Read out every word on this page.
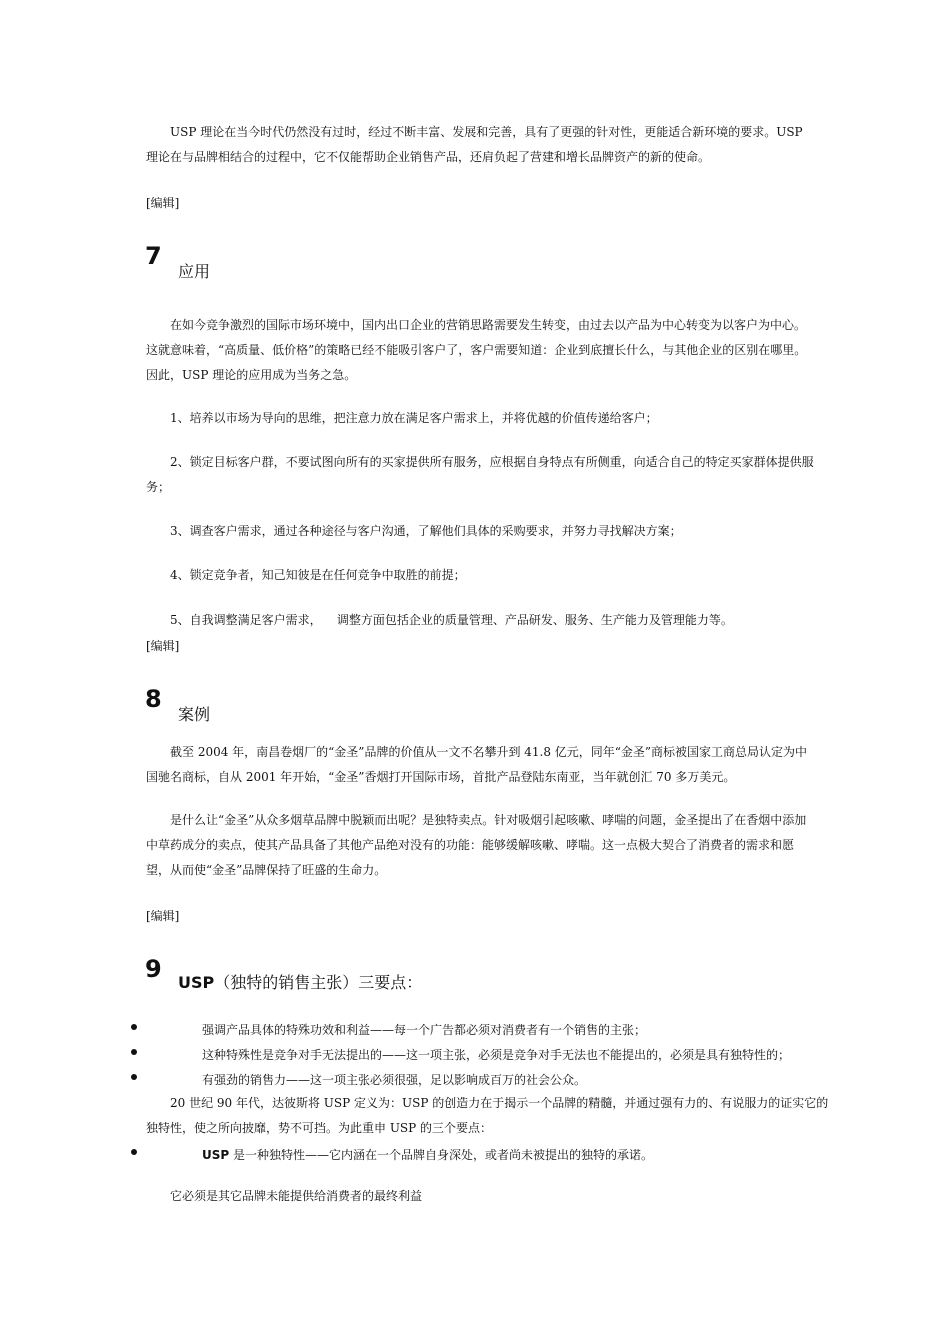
USP 理论在当今时代仍然没有过时，经过不断丰富、发展和完善，具有了更强的针对性，更能适合新环境的要求。USP 理论在与品牌相结合的过程中，它不仅能帮助企业销售产品，还肩负起了营建和增长品牌资产的新的使命。

[编辑]
7
应用

在如今竞争激烈的国际市场环境中，国内出口企业的营销思路需要发生转变，由过去以产品为中心转变为以客户为中心。这就意味着，“高质量、低价格”的策略已经不能吸引客户了，客户需要知道：企业到底擅长什么，与其他企业的区别在哪里。因此，USP 理论的应用成为当务之急。

1、培养以市场为导向的思维，把注意力放在满足客户需求上，并将优越的价值传递给客户；

2、锁定目标客户群，不要试图向所有的买家提供所有服务，应根据自身特点有所侧重，向适合自己的特定买家群体提供服务；

3、调查客户需求，通过各种途径与客户沟通，了解他们具体的采购要求，并努力寻找解决方案；

4、锁定竞争者，知己知彼是在任何竞争中取胜的前提；

5、自我调整满足客户需求，    调整方面包括企业的质量管理、产品研发、服务、生产能力及管理能力等。

[编辑]
8
案例

截至 2004 年，南昌卷烟厂的“金圣”品牌的价值从一文不名攀升到 41.8 亿元，同年“金圣”商标被国家工商总局认定为中国驰名商标，自从 2001 年开始，“金圣”香烟打开国际市场，首批产品登陆东南亚，当年就创汇 70 多万美元。

是什么让“金圣”从众多烟草品牌中脱颖而出呢？是独特卖点。针对吸烟引起咳嗽、哮喘的问题，金圣提出了在香烟中添加中草药成分的卖点，使其产品具备了其他产品绝对没有的功能：能够缓解咳嗽、哮喘。这一点极大契合了消费者的需求和愿望，从而使“金圣”品牌保持了旺盛的生命力。

[编辑]
9 USP（独特的销售主张）三要点：
强调产品具体的特殊功效和利益——每一个广告都必须对消费者有一个销售的主张；
这种特殊性是竞争对手无法提出的——这一项主张，必须是竞争对手无法也不能提出的，必须是具有独特性的；
有强劲的销售力——这一项主张必须很强，足以影响成百万的社会公众。
20 世纪 90 年代，达彼斯将 USP 定义为：USP 的创造力在于揭示一个品牌的精髓，并通过强有力的、有说服力的证实它的
独特性，使之所向披靡，势不可挡。为此重申 USP 的三个要点：
USP 是一种独特性——它内涵在一个品牌自身深处，或者尚未被提出的独特的承诺。
它必须是其它品牌未能提供给消费者的最终利益
